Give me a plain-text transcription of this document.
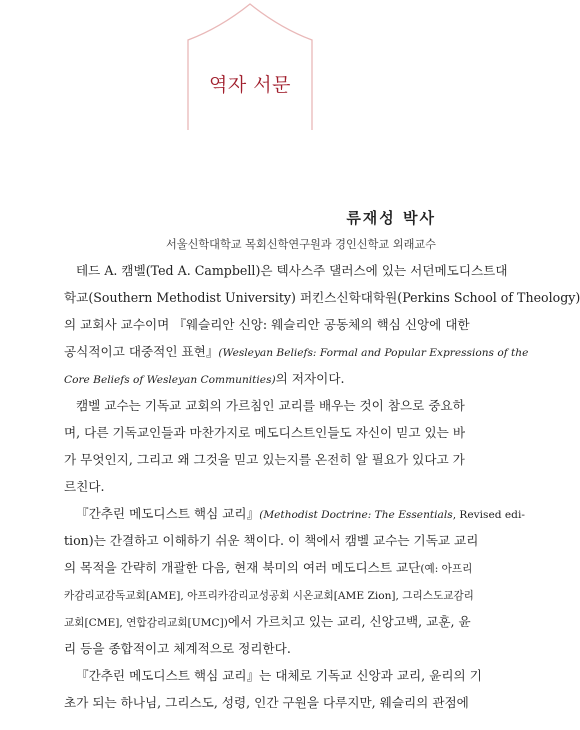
역자 서문
류재성 박사
서울신학대학교 목회신학연구원과 경인신학교 외래교수
테드 A. 캠벨(Ted A. Campbell)은 텍사스주 댈러스에 있는 서던메도디스트대
학교(Southern Methodist University) 퍼킨스신학대학원(Perkins School of Theology)
의 교회사 교수이며 『웨슬리안 신앙: 웨슬리안 공동체의 핵심 신앙에 대한
공식적이고 대중적인 표현』(Wesleyan Beliefs: Formal and Popular Expressions of the
Core Beliefs of Wesleyan Communities)의 저자이다.
캠벨 교수는 기독교 교회의 가르침인 교리를 배우는 것이 참으로 중요하
며, 다른 기독교인들과 마찬가지로 메도디스트인들도 자신이 믿고 있는 바
가 무엇인지, 그리고 왜 그것을 믿고 있는지를 온전히 알 필요가 있다고 가
르친다.
『간추린 메도디스트 핵심 교리』(Methodist Doctrine: The Essentials, Revised edi-
tion)는 간결하고 이해하기 쉬운 책이다. 이 책에서 캠벨 교수는 기독교 교리
의 목적을 간략히 개괄한 다음, 현재 북미의 여러 메도디스트 교단(예: 아프리
카감리교감독교회[AME], 아프리카감리교성공회 시온교회[AME Zion], 그리스도교감리
교회[CME], 연합감리교회[UMC])에서 가르치고 있는 교리, 신앙고백, 교훈, 윤
리 등을 종합적이고 체계적으로 정리한다.
『간추린 메도디스트 핵심 교리』는 대체로 기독교 신앙과 교리, 윤리의 기
초가 되는 하나님, 그리스도, 성령, 인간 구원을 다루지만, 웨슬리의 관점에
